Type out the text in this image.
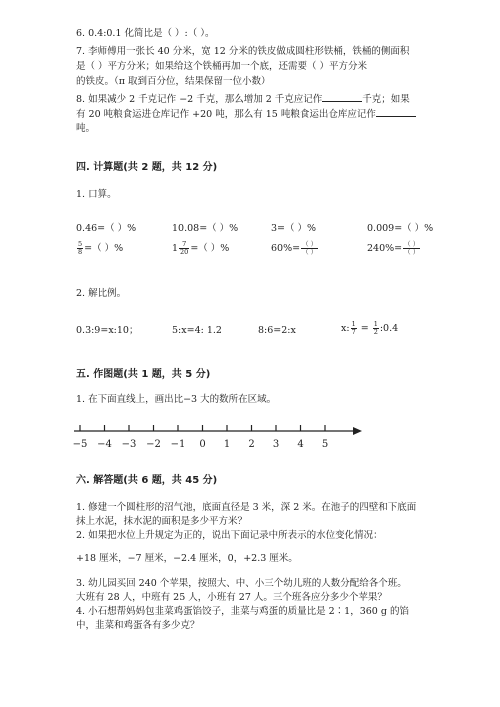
6. 0.4:0.1 化简比是（ ）:（ ）。
7. 李师傅用一张长 40 分米，宽 12 分米的铁皮做成圆柱形铁桶，铁桶的侧面积
是（ ）平方分米；如果给这个铁桶再加一个底，还需要（ ）平方分米
的铁皮。（π 取到百分位，结果保留一位小数）
8. 如果减少 2 千克记作 −2 千克，那么增加 2 千克应记作	千克；如果
有 20 吨粮食运进仓库记作 +20 吨，那么有 15 吨粮食运出仓库应记作
吨。
四. 计算题(共 2 题，共 12 分)
1. 口算。
0.46=（ ）%	10.08=（ ）%	3=（ ）%	0.009=（ ）%
$\frac{5}{8}$ =（ ）%	$1 \frac{7}{20}$ =（ ）%	$60\%= \frac{( )}{( )}$	$240\%= \frac{( )}{( )}$
2. 解比例。
0.3:9=x:10；	5:x=4: 1.2	8:6=2:x	x: $\frac{1}{7} = \frac{1}{2}$ :0.4
五. 作图题(共 1 题，共 5 分)
1. 在下面直线上，画出比−3 大的数所在区域。
−5 −4 −3 −2 −1 0 1 2 3 4 5
六. 解答题(共 6 题，共 45 分)
1. 修建一个圆柱形的沼气池，底面直径是 3 米，深 2 米。在池子的四壁和下底面
抹上水泥，抹水泥的面积是多少平方米？
2. 如果把水位上升规定为正的，说出下面记录中所表示的水位变化情况：
+18 厘米，−7 厘米，−2.4 厘米，0，+2.3 厘米。
3. 幼儿园买回 240 个苹果，按照大、中、小三个幼儿班的人数分配给各个班。
大班有 28 人，中班有 25 人，小班有 27 人。三个班各应分多少个苹果？
4. 小石想帮妈妈包韭菜鸡蛋馅饺子，韭菜与鸡蛋的质量比是 2∶1，360 g 的馅
中，韭菜和鸡蛋各有多少克？
